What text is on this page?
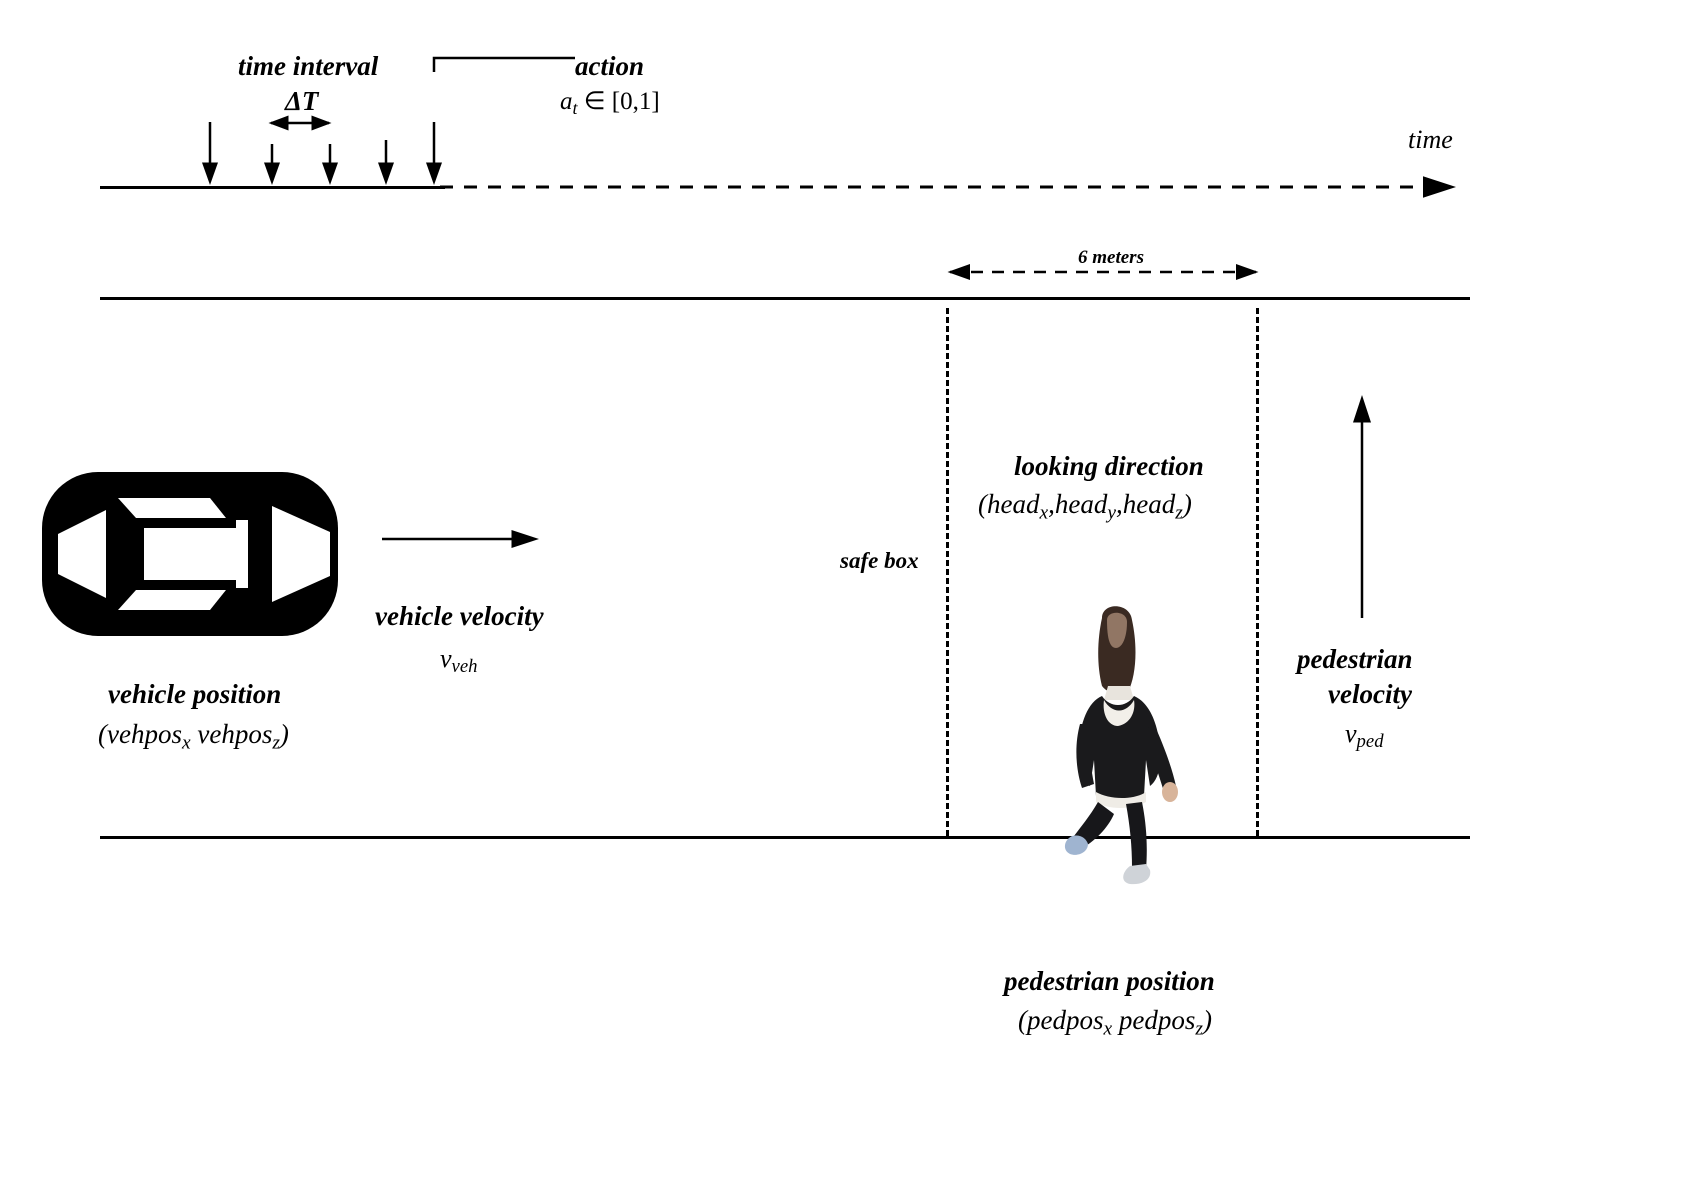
time interval
ΔT
action
$a_t$ ∈ [0,1]
time
6 meters
safe box
vehicle velocity
$v_{veh}$
vehicle position
(vehpos$_x$ vehpos$_z$)
looking direction
(head$_x$,head$_y$,head$_z$)
pedestrian
velocity
$v_{ped}$
pedestrian position
(pedpos$_x$ pedpos$_z$)
